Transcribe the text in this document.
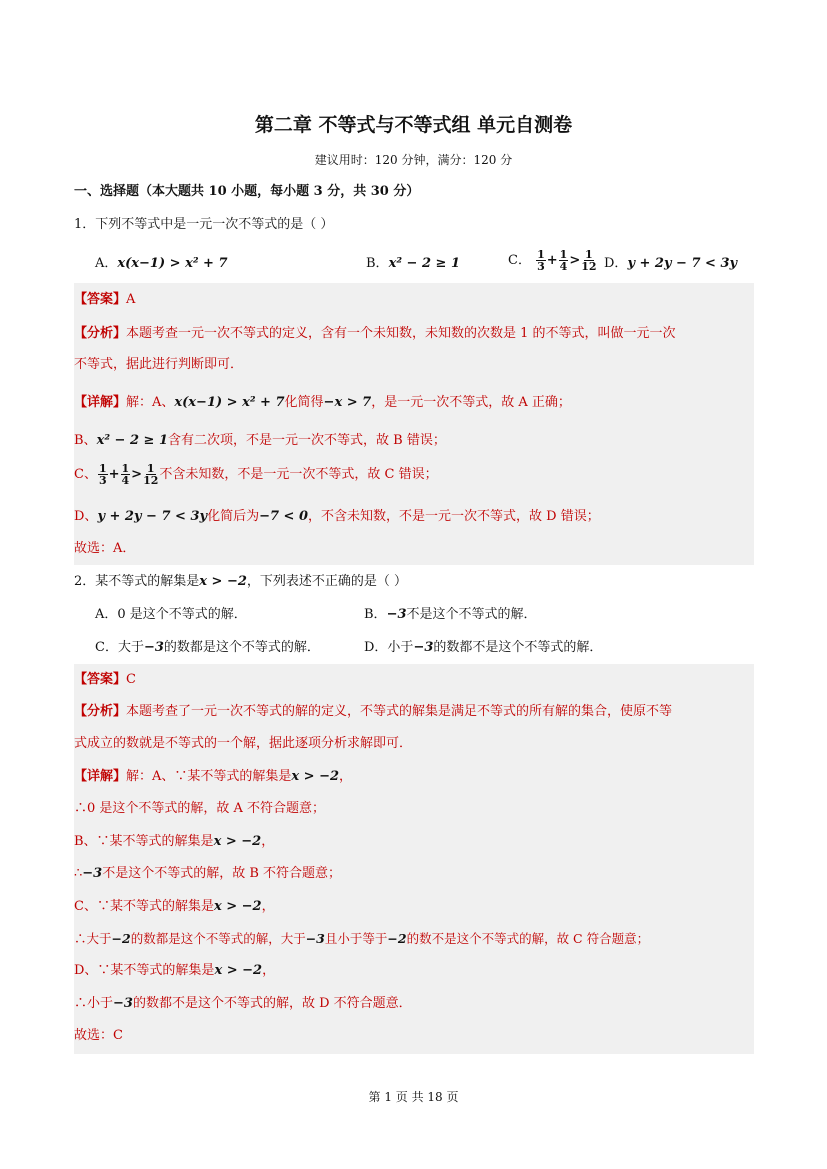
第二章 不等式与不等式组 单元自测卷
建议用时：120 分钟，满分：120 分
一、选择题（本大题共 10 小题，每小题 3 分，共 30 分）
1．下列不等式中是一元一次不等式的是（ ）
A．x(x−1) > x² + 7	B．x² − 2 ≥ 1	C． $\frac{1}{3} + \frac{1}{4} > \frac{1}{12}$ D．y + 2y − 7 < 3y
【答案】A
【分析】本题考查一元一次不等式的定义，含有一个未知数，未知数的次数是 1 的不等式，叫做一元一次
不等式，据此进行判断即可．
【详解】解：A、x(x−1) > x² + 7化简得−x > 7，是一元一次不等式，故 A 正确；
B、x² − 2 ≥ 1含有二次项，不是一元一次不等式，故 B 错误；
C、 $\frac{1}{3} + \frac{1}{4} > \frac{1}{12}$ 不含未知数，不是一元一次不等式，故 C 错误；
D、y + 2y − 7 < 3y化简后为−7 < 0，不含未知数，不是一元一次不等式，故 D 错误；
故选：A．
2．某不等式的解集是x > −2，下列表述不正确的是（ ）
A．0 是这个不等式的解．	B．−3不是这个不等式的解．
C．大于−3的数都是这个不等式的解．	D．小于−3的数都不是这个不等式的解．
【答案】C
【分析】本题考查了一元一次不等式的解的定义，不等式的解集是满足不等式的所有解的集合，使原不等
式成立的数就是不等式的一个解，据此逐项分析求解即可．
【详解】解：A、∵某不等式的解集是x > −2，
∴0 是这个不等式的解，故 A 不符合题意；
B、∵某不等式的解集是x > −2，
∴−3不是这个不等式的解，故 B 不符合题意；
C、∵某不等式的解集是x > −2，
∴大于−2的数都是这个不等式的解，大于−3且小于等于−2的数不是这个不等式的解，故 C 符合题意；
D、∵某不等式的解集是x > −2，
∴小于−3的数都不是这个不等式的解，故 D 不符合题意．
故选：C
第 1 页 共 18 页
